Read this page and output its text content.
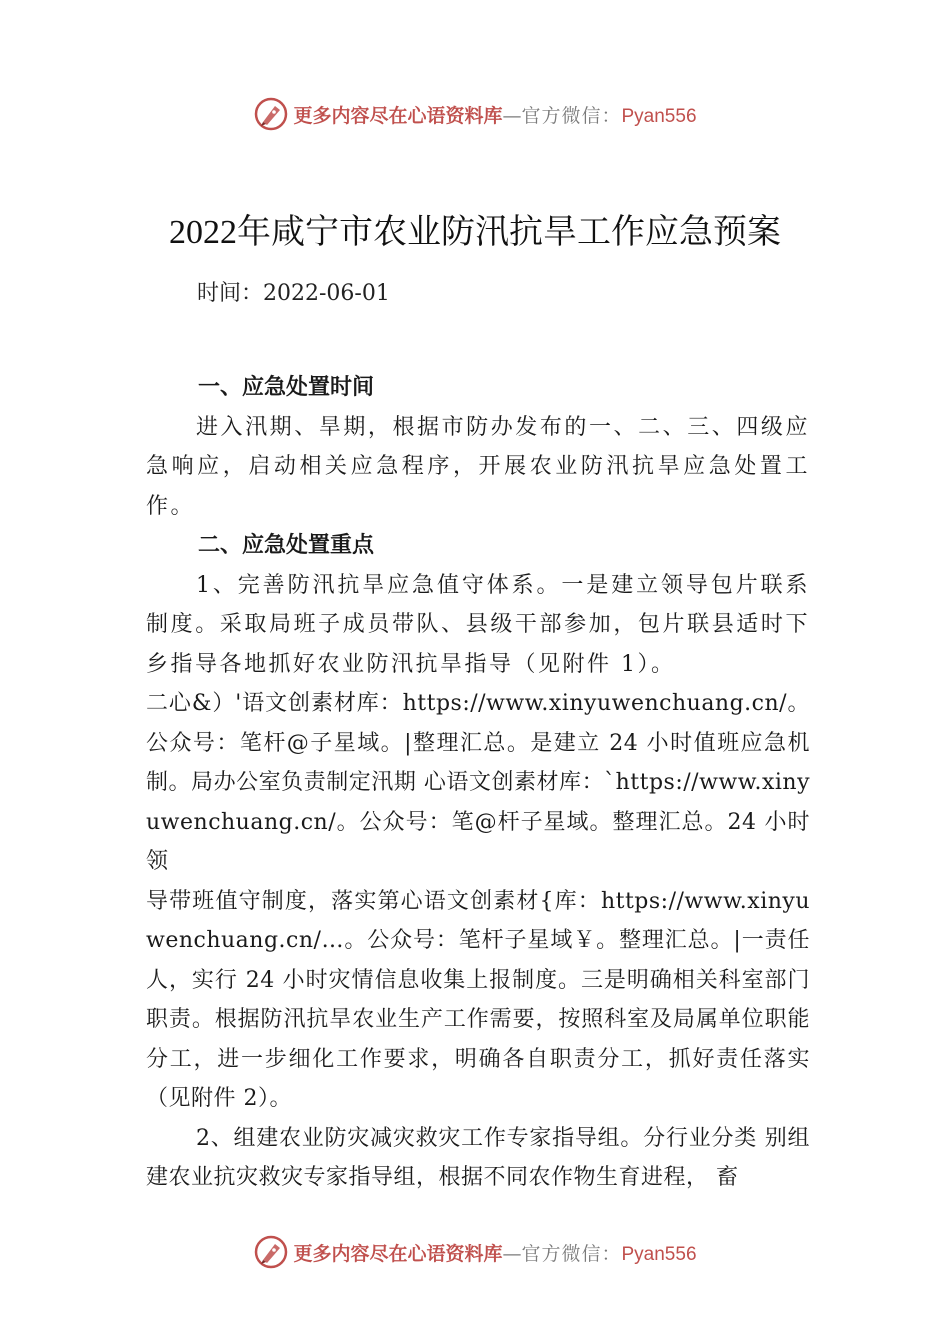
更多内容尽在心语资料库—官方微信：Pyan556
2022年咸宁市农业防汛抗旱工作应急预案
时间：2022-06-01

一、应急处置时间

进入汛期、旱期，根据市防办发布的一、二、三、四级应急响应，启动相关应急程序，开展农业防汛抗旱应急处置工作。

二、应急处置重点

1、完善防汛抗旱应急值守体系。一是建立领导包片联系制度。采取局班子成员带队、县级干部参加，包片联县适时下乡指导各地抓好农业防汛抗旱指导（见附件 1）。

二心&）'语文创素材库：https://www.xinyuwenchuang.cn/。公众号：笔杆@子星域。|整理汇总。是建立 24 小时值班应急机制。局办公室负责制定汛期 心语文创素材库：`https://www.xinyuwenchuang.cn/。公众号：笔@杆子星域。整理汇总。24 小时领

导带班值守制度，落实第心语文创素材{库：https://www.xinyuwenchuang.cn/…。公众号：笔杆子星域￥。整理汇总。|一责任人，实行 24 小时灾情信息收集上报制度。三是明确相关科室部门职责。根据防汛抗旱农业生产工作需要，按照科室及局属单位职能分工，进一步细化工作要求，明确各自职责分工，抓好责任落实（见附件 2）。

2、组建农业防灾减灾救灾工作专家指导组。分行业分类 别组建农业抗灾救灾专家指导组，根据不同农作物生育进程， 畜

更多内容尽在心语资料库—官方微信：Pyan556
